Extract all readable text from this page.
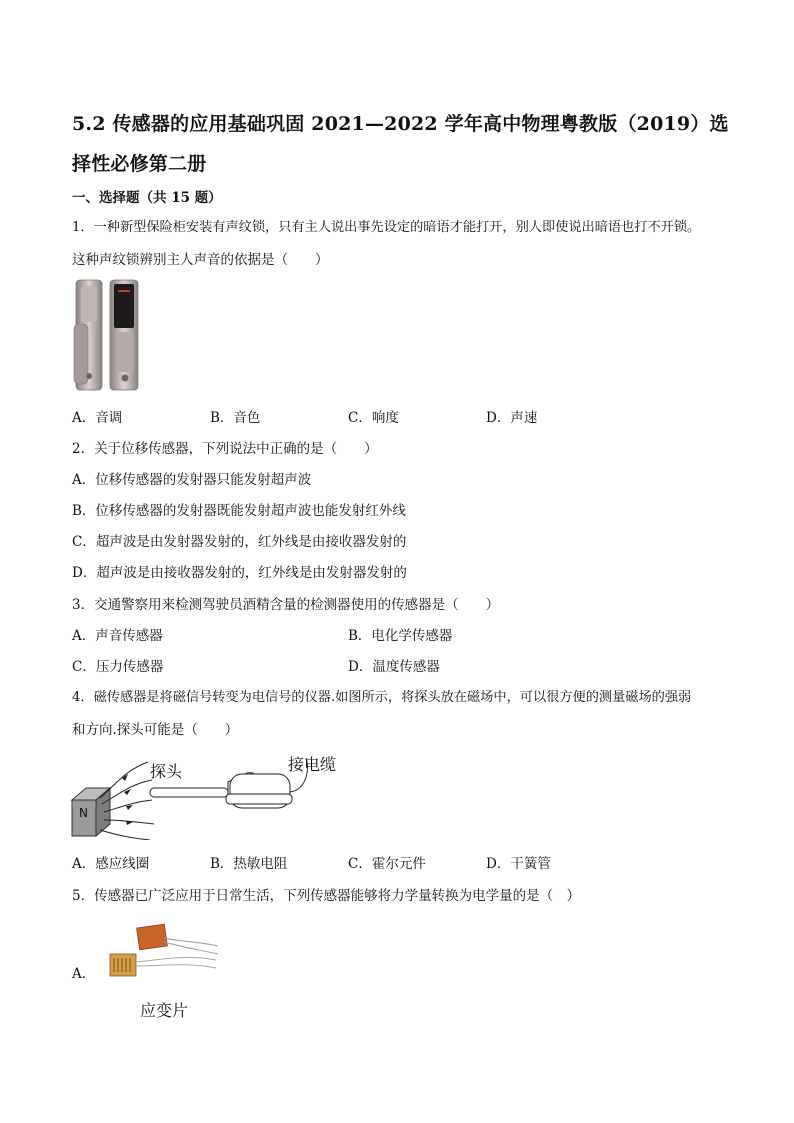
5.2 传感器的应用基础巩固 2021—2022 学年高中物理粤教版（2019）选择性必修第二册
一、选择题（共 15 题）
1．一种新型保险柜安装有声纹锁，只有主人说出事先设定的暗语才能打开，别人即使说出暗语也打不开锁。
这种声纹锁辨别主人声音的依据是（　　）
A．音调	B．音色	C．响度	D．声速
2．关于位移传感器，下列说法中正确的是（　　）
A．位移传感器的发射器只能发射超声波
B．位移传感器的发射器既能发射超声波也能发射红外线
C．超声波是由发射器发射的，红外线是由接收器发射的
D．超声波是由接收器发射的，红外线是由发射器发射的
3．交通警察用来检测驾驶员酒精含量的检测器使用的传感器是（　　）
A．声音传感器	B．电化学传感器
C．压力传感器	D．温度传感器
4．磁传感器是将磁信号转变为电信号的仪器.如图所示，将探头放在磁场中，可以很方便的测量磁场的强弱
和方向.探头可能是（　　）
探头	接电缆
N
A．感应线圈	B．热敏电阻	C．霍尔元件	D．干簧管
5．传感器已广泛应用于日常生活，下列传感器能够将力学量转换为电学量的是（　）
A．
应变片
